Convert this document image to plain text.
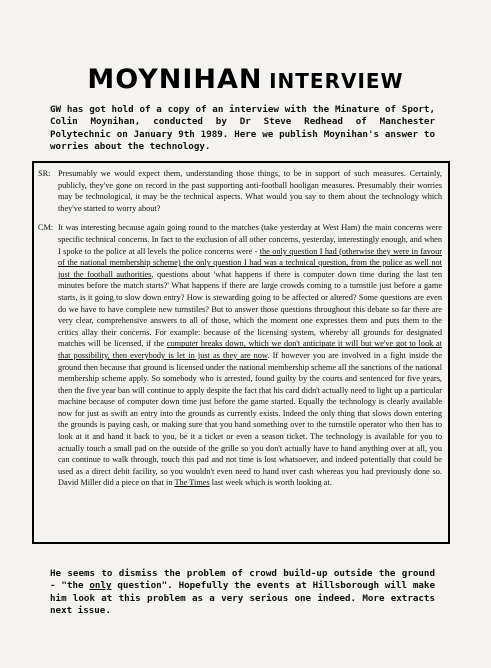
MOYNIHAN INTERVIEW
GW has got hold of a copy of an interview with the Minature of Sport, Colin Moynihan, conducted by Dr Steve Redhead of Manchester Polytechnic on January 9th 1989. Here we publish Moynihan's answer to worries about the technology.
SR: Presumably we would expect them, understanding those things, to be in support of such measures. Certainly, publicly, they've gone on record in the past supporting anti-football hooligan measures. Presumably their worries may be technological, it may be the technical aspects. What would you say to them about the technology which they've started to worry about?
CM: It was interesting because again going round to the matches (take yesterday at West Ham) the main concerns were specific technical concerns. In fact to the exclusion of all other concerns, yesterday, interestingly enough, and when I spoke to the police at all levels the police concerns were - the only question I had (otherwise they were in favour of the national membership scheme) the only question I had was a technical question, from the police as well not just the football authorities, questions about 'what happens if there is computer down time during the last ten minutes before the match starts?' What happens if there are large crowds coming to a turnstile just before a game starts, is it going to slow down entry? How is stewarding going to be affected or altered? Some questions are even do we have to have complete new turnstiles? But to answer those questions throughout this debate so far there are very clear, comprehensive answers to all of those, which the moment one expresses them and puts them to the critics allay their concerns. For example: because of the licensing system, whereby all grounds for designated matches will be licensed, if the computer breaks down, which we don't anticipate it will but we've got to look at that possibility, then everybody is let in just as they are now. If however you are involved in a fight inside the ground then because that ground is licensed under the national membership scheme all the sanctions of the national membership scheme apply. So somebody who is arrested, found guilty by the courts and sentenced for five years, then the five year ban will continue to apply despite the fact that his card didn't actually need to light up a particular machine because of computer down time just before the game started. Equally the technology is clearly available now for just as swift an entry into the grounds as currently exists. Indeed the only thing that slows down entering the grounds is paying cash, or making sure that you hand something over to the turnstile operator who then has to look at it and hand it back to you, be it a ticket or even a season ticket. The technology is available for you to actually touch a small pad on the outside of the grille so you don't actually have to hand anything over at all, you can continue to walk through, touch this pad and not time is lost whatsoever, and indeed potentially that could be used as a direct debit facility, so you wouldn't even need to hand over cash whereas you had previously done so. David Miller did a piece on that in The Times last week which is worth looking at.
He seems to dismiss the problem of crowd build-up outside the ground - "the only question". Hopefully the events at Hillsborough will make him look at this problem as a very serious one indeed. More extracts next issue.
